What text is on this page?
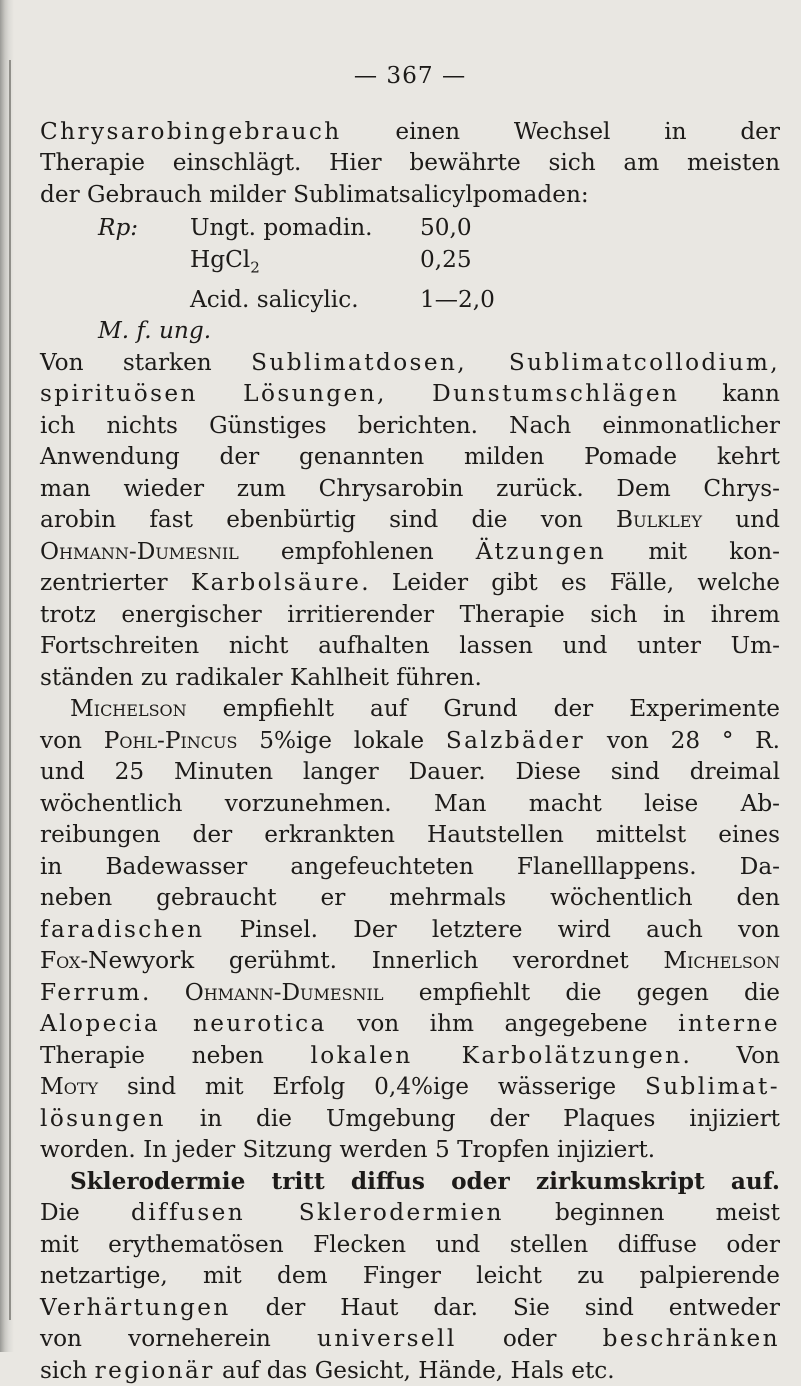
— 367 —
Chrysarobingebrauch einen Wechsel in der
Therapie einschlägt. Hier bewährte sich am meisten
der Gebrauch milder Sublimatsalicylpomaden:
Rp:	Ungt. pomadin.	50,0
HgCl$_2$	0,25
Acid. salicylic.	1—2,0
M. f. ung.
Von starken Sublimatdosen, Sublimatcollodium,
spirituösen Lösungen, Dunstumschlägen kann
ich nichts Günstiges berichten. Nach einmonatlicher
Anwendung der genannten milden Pomade kehrt
man wieder zum Chrysarobin zurück. Dem Chrys-
arobin fast ebenbürtig sind die von Bulkley und
Ohmann-Dumesnil empfohlenen Ätzungen mit kon-
zentrierter Karbolsäure. Leider gibt es Fälle, welche
trotz energischer irritierender Therapie sich in ihrem
Fortschreiten nicht aufhalten lassen und unter Um-
ständen zu radikaler Kahlheit führen.
Michelson empfiehlt auf Grund der Experimente
von Pohl-Pincus 5%ige lokale Salzbäder von 28 ° R.
und 25 Minuten langer Dauer. Diese sind dreimal
wöchentlich vorzunehmen. Man macht leise Ab-
reibungen der erkrankten Hautstellen mittelst eines
in Badewasser angefeuchteten Flanelllappens. Da-
neben gebraucht er mehrmals wöchentlich den
faradischen Pinsel. Der letztere wird auch von
Fox-Newyork gerühmt. Innerlich verordnet Michelson
Ferrum. Ohmann-Dumesnil empfiehlt die gegen die
Alopecia neurotica von ihm angegebene interne
Therapie neben lokalen Karbolätzungen. Von
Moty sind mit Erfolg 0,4%ige wässerige Sublimat-
lösungen in die Umgebung der Plaques injiziert
worden. In jeder Sitzung werden 5 Tropfen injiziert.
Sklerodermie tritt diffus oder zirkumskript auf.
Die diffusen Sklerodermien beginnen meist
mit erythematösen Flecken und stellen diffuse oder
netzartige, mit dem Finger leicht zu palpierende
Verhärtungen der Haut dar. Sie sind entweder
von vorneherein universell oder beschränken
sich regionär auf das Gesicht, Hände, Hals etc.
